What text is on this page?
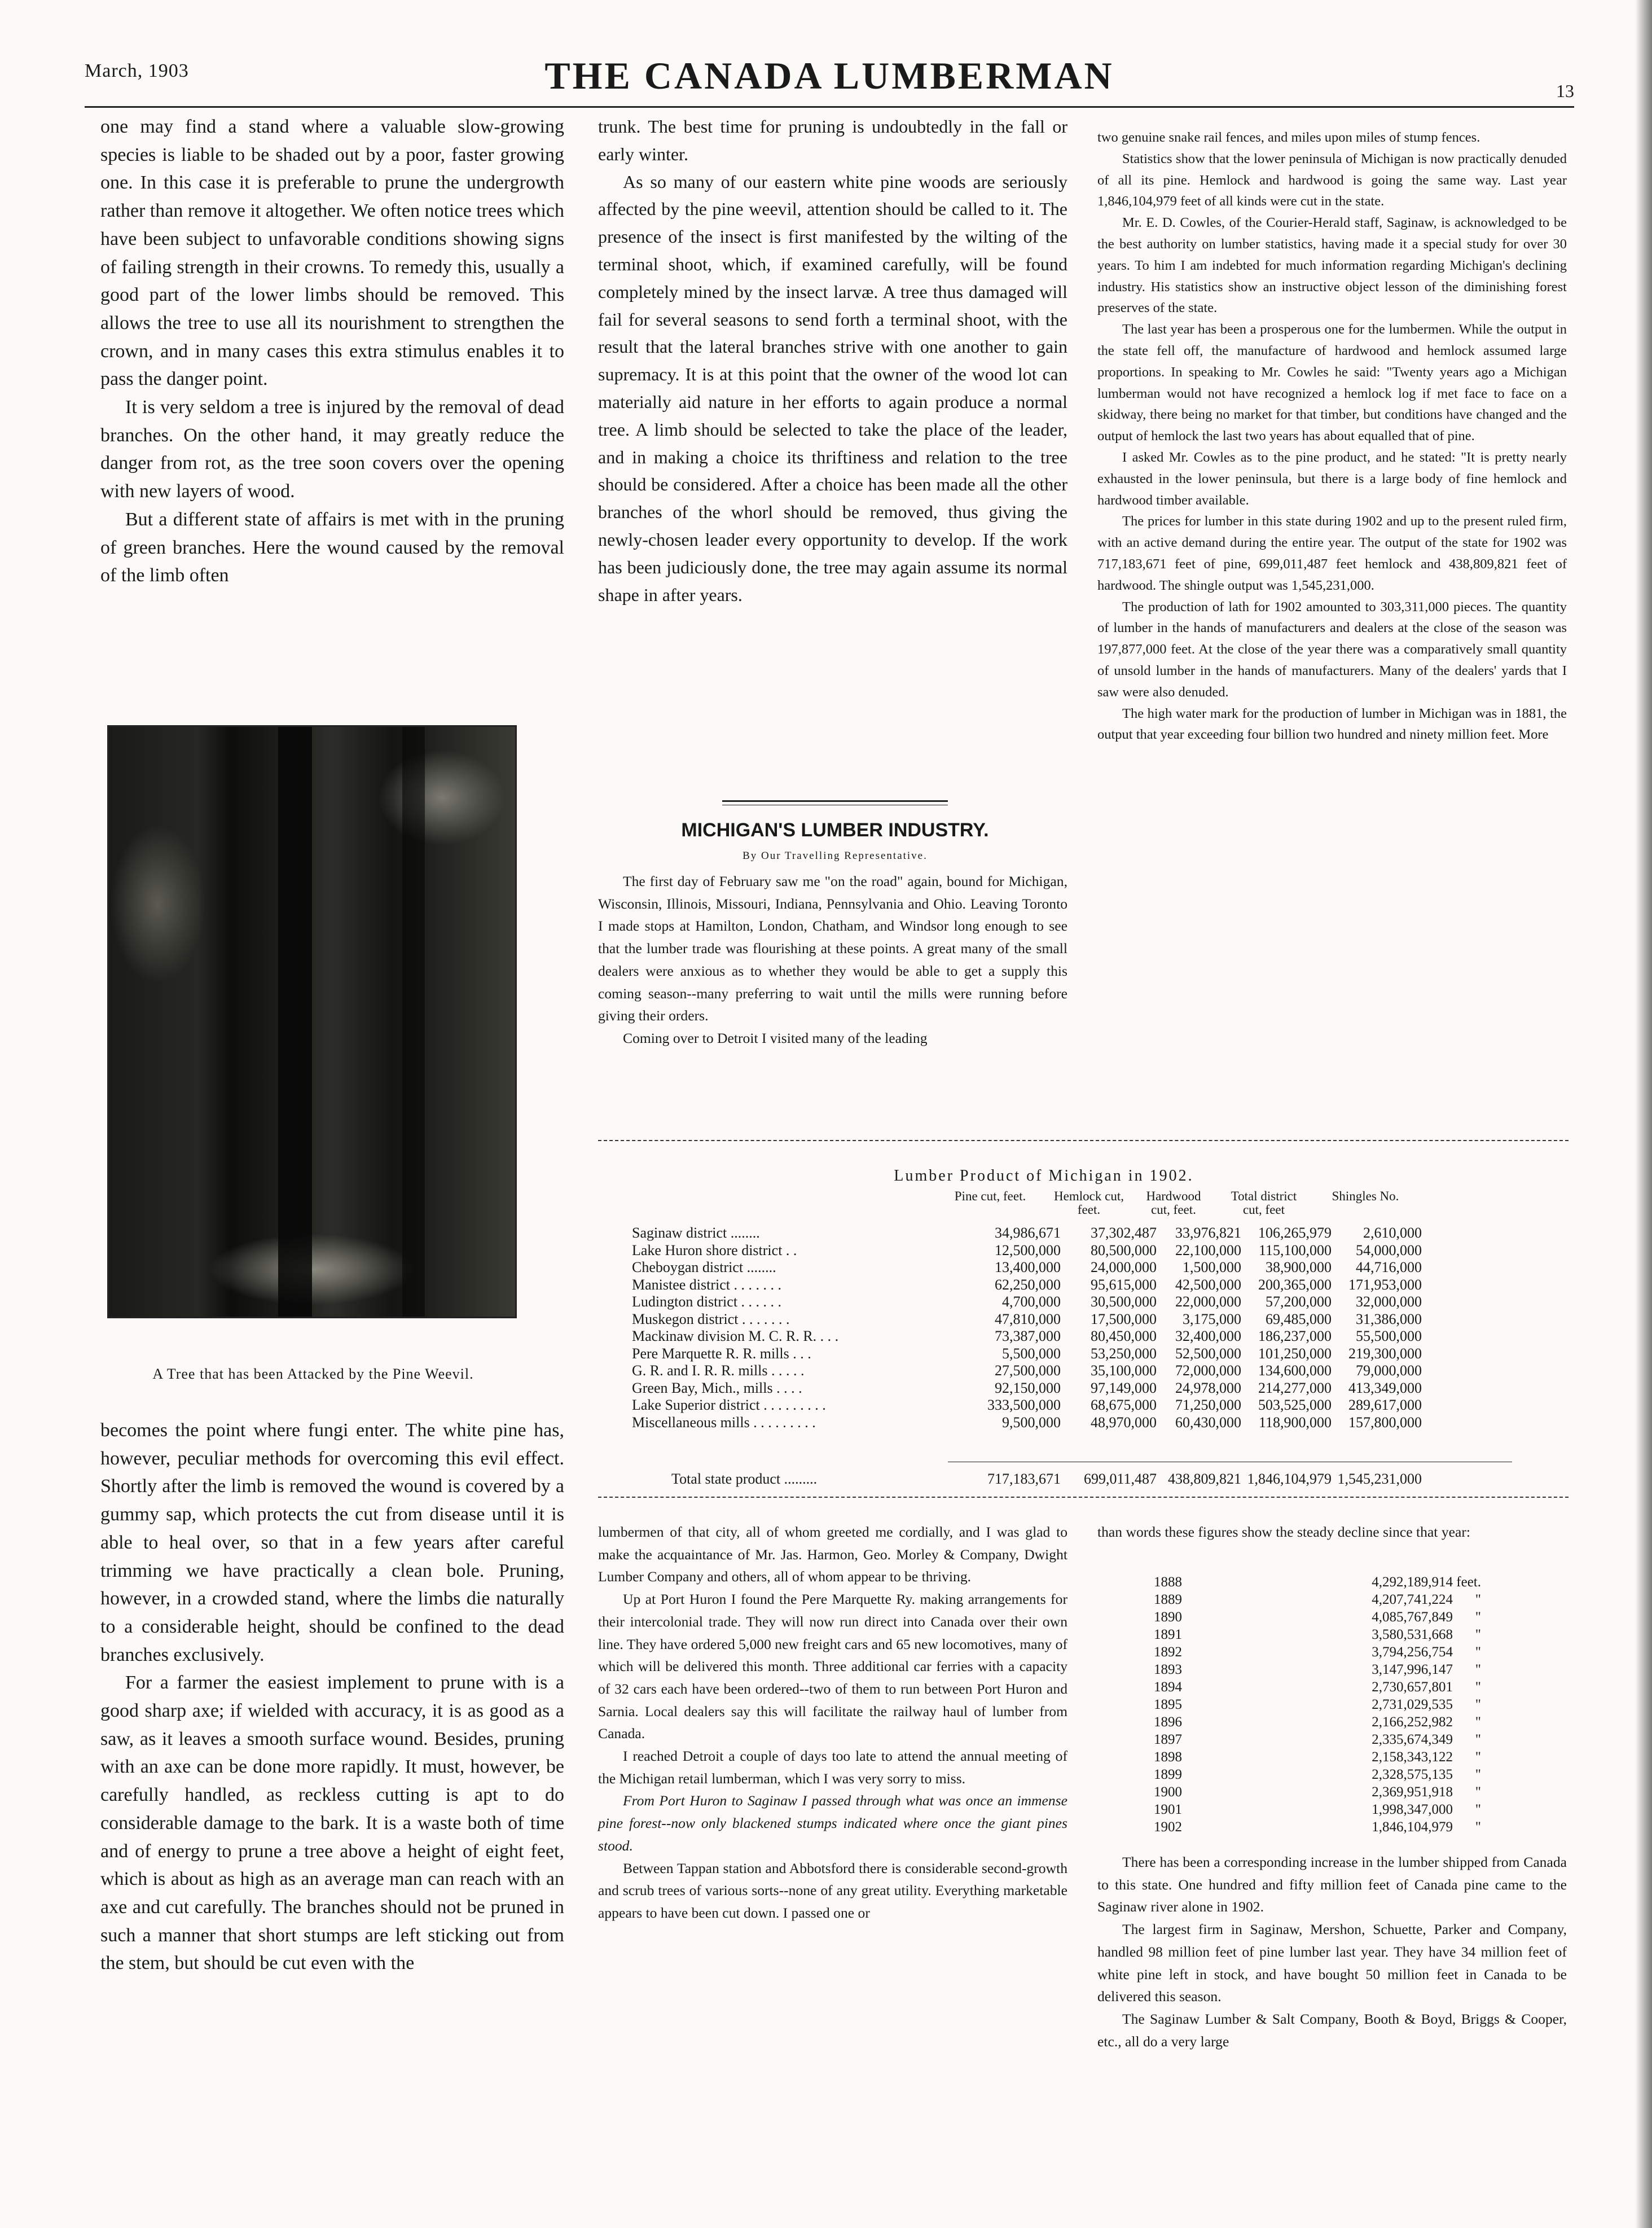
March, 1903	THE CANADA LUMBERMAN	13

one may find a stand where a valuable slow-growing species is liable to be shaded out by a poor, faster growing one. In this case it is preferable to prune the undergrowth rather than remove it altogether. We often notice trees which have been subject to unfavorable conditions showing signs of failing strength in their crowns. To remedy this, usually a good part of the lower limbs should be removed. This allows the tree to use all its nourishment to strengthen the crown, and in many cases this extra stimulus enables it to pass the danger point.

It is very seldom a tree is injured by the removal of dead branches. On the other hand, it may greatly reduce the danger from rot, as the tree soon covers over the opening with new layers of wood.

But a different state of affairs is met with in the pruning of green branches. Here the wound caused by the removal of the limb often

A Tree that has been Attacked by the Pine Weevil.

becomes the point where fungi enter. The white pine has, however, peculiar methods for overcoming this evil effect. Shortly after the limb is removed the wound is covered by a gummy sap, which protects the cut from disease until it is able to heal over, so that in a few years after careful trimming we have practically a clean bole. Pruning, however, in a crowded stand, where the limbs die naturally to a considerable height, should be confined to the dead branches exclusively.

For a farmer the easiest implement to prune with is a good sharp axe; if wielded with accuracy, it is as good as a saw, as it leaves a smooth surface wound. Besides, pruning with an axe can be done more rapidly. It must, however, be carefully handled, as reckless cutting is apt to do considerable damage to the bark. It is a waste both of time and of energy to prune a tree above a height of eight feet, which is about as high as an average man can reach with an axe and cut carefully. The branches should not be pruned in such a manner that short stumps are left sticking out from the stem, but should be cut even with the

trunk. The best time for pruning is undoubtedly in the fall or early winter.

As so many of our eastern white pine woods are seriously affected by the pine weevil, attention should be called to it. The presence of the insect is first manifested by the wilting of the terminal shoot, which, if examined carefully, will be found completely mined by the insect larvæ. A tree thus damaged will fail for several seasons to send forth a terminal shoot, with the result that the lateral branches strive with one another to gain supremacy. It is at this point that the owner of the wood lot can materially aid nature in her efforts to again produce a normal tree. A limb should be selected to take the place of the leader, and in making a choice its thriftiness and relation to the tree should be considered. After a choice has been made all the other branches of the whorl should be removed, thus giving the newly-chosen leader every opportunity to develop. If the work has been judiciously done, the tree may again assume its normal shape in after years.

MICHIGAN'S LUMBER INDUSTRY.
By Our Travelling Representative.

The first day of February saw me "on the road" again, bound for Michigan, Wisconsin, Illinois, Missouri, Indiana, Pennsylvania and Ohio. Leaving Toronto I made stops at Hamilton, London, Chatham, and Windsor long enough to see that the lumber trade was flourishing at these points. A great many of the small dealers were anxious as to whether they would be able to get a supply this coming season--many preferring to wait until the mills were running before giving their orders.

Coming over to Detroit I visited many of the leading

two genuine snake rail fences, and miles upon miles of stump fences.

Statistics show that the lower peninsula of Michigan is now practically denuded of all its pine. Hemlock and hardwood is going the same way. Last year 1,846,104,979 feet of all kinds were cut in the state.

Mr. E. D. Cowles, of the Courier-Herald staff, Saginaw, is acknowledged to be the best authority on lumber statistics, having made it a special study for over 30 years. To him I am indebted for much information regarding Michigan's declining industry. His statistics show an instructive object lesson of the diminishing forest preserves of the state.

The last year has been a prosperous one for the lumbermen. While the output in the state fell off, the manufacture of hardwood and hemlock assumed large proportions. In speaking to Mr. Cowles he said: "Twenty years ago a Michigan lumberman would not have recognized a hemlock log if met face to face on a skidway, there being no market for that timber, but conditions have changed and the output of hemlock the last two years has about equalled that of pine.

I asked Mr. Cowles as to the pine product, and he stated: "It is pretty nearly exhausted in the lower peninsula, but there is a large body of fine hemlock and hardwood timber available.

The prices for lumber in this state during 1902 and up to the present ruled firm, with an active demand during the entire year. The output of the state for 1902 was 717,183,671 feet of pine, 699,011,487 feet hemlock and 438,809,821 feet of hardwood. The shingle output was 1,545,231,000.

The production of lath for 1902 amounted to 303,311,000 pieces. The quantity of lumber in the hands of manufacturers and dealers at the close of the season was 197,877,000 feet. At the close of the year there was a comparatively small quantity of unsold lumber in the hands of manufacturers. Many of the dealers' yards that I saw were also denuded.

The high water mark for the production of lumber in Michigan was in 1881, the output that year exceeding four billion two hundred and ninety million feet. More

Lumber Product of Michigan in 1902.
Pine cut, feet.	Hemlock cut, feet.
Hardwood cut, feet.
Total district cut, feet
Shingles No.
Saginaw district ........	34,986,671 37,302,487 33,976,821 106,265,979 2,610,000
Lake Huron shore district . .	12,500,000 80,500,000 22,100,000 115,100,000 54,000,000
Cheboygan district ........	13,400,000 24,000,000 1,500,000 38,900,000 44,716,000
Manistee district . . . . . . .	62,250,000 95,615,000 42,500,000 200,365,000 171,953,000
Ludington district . . . . . .	4,700,000 30,500,000 22,000,000 57,200,000 32,000,000
Muskegon district . . . . . . .	47,810,000 17,500,000 3,175,000 69,485,000 31,386,000
Mackinaw division M. C. R. R. . . .	73,387,000 80,450,000 32,400,000 186,237,000 55,500,000
Pere Marquette R. R. mills . . .	5,500,000 53,250,000 52,500,000 101,250,000 219,300,000
G. R. and I. R. R. mills . . . . .	27,500,000 35,100,000 72,000,000 134,600,000 79,000,000
Green Bay, Mich., mills . . . .	92,150,000 97,149,000 24,978,000 214,277,000 413,349,000
Lake Superior district . . . . . . . . .	333,500,000 68,675,000 71,250,000 503,525,000 289,617,000
Miscellaneous mills . . . . . . . . .	9,500,000 48,970,000 60,430,000 118,900,000 157,800,000
Total state product .........	717,183,671 699,011,487 438,809,821 1,846,104,979 1,545,231,000

lumbermen of that city, all of whom greeted me cordially, and I was glad to make the acquaintance of Mr. Jas. Harmon, Geo. Morley & Company, Dwight Lumber Company and others, all of whom appear to be thriving.

Up at Port Huron I found the Pere Marquette Ry. making arrangements for their intercolonial trade. They will now run direct into Canada over their own line. They have ordered 5,000 new freight cars and 65 new locomotives, many of which will be delivered this month. Three additional car ferries with a capacity of 32 cars each have been ordered--two of them to run between Port Huron and Sarnia. Local dealers say this will facilitate the railway haul of lumber from Canada.

I reached Detroit a couple of days too late to attend the annual meeting of the Michigan retail lumberman, which I was very sorry to miss.

From Port Huron to Saginaw I passed through what was once an immense pine forest--now only blackened stumps indicated where once the giant pines stood.

Between Tappan station and Abbotsford there is considerable second-growth and scrub trees of various sorts--none of any great utility. Everything marketable appears to have been cut down. I passed one or

than words these figures show the steady decline since that year:

1888	4,292,189,914 feet.
1889	4,207,741,224 "
1890	4,085,767,849 "
1891	3,580,531,668 "
1892	3,794,256,754 "
1893	3,147,996,147 "
1894	2,730,657,801 "
1895	2,731,029,535 "
1896	2,166,252,982 "
1897	2,335,674,349 "
1898	2,158,343,122 "
1899	2,328,575,135 "
1900	2,369,951,918 "
1901	1,998,347,000 "
1902	1,846,104,979 "

There has been a corresponding increase in the lumber shipped from Canada to this state. One hundred and fifty million feet of Canada pine came to the Saginaw river alone in 1902.

The largest firm in Saginaw, Mershon, Schuette, Parker and Company, handled 98 million feet of pine lumber last year. They have 34 million feet of white pine left in stock, and have bought 50 million feet in Canada to be delivered this season.

The Saginaw Lumber & Salt Company, Booth & Boyd, Briggs & Cooper, etc., all do a very large
